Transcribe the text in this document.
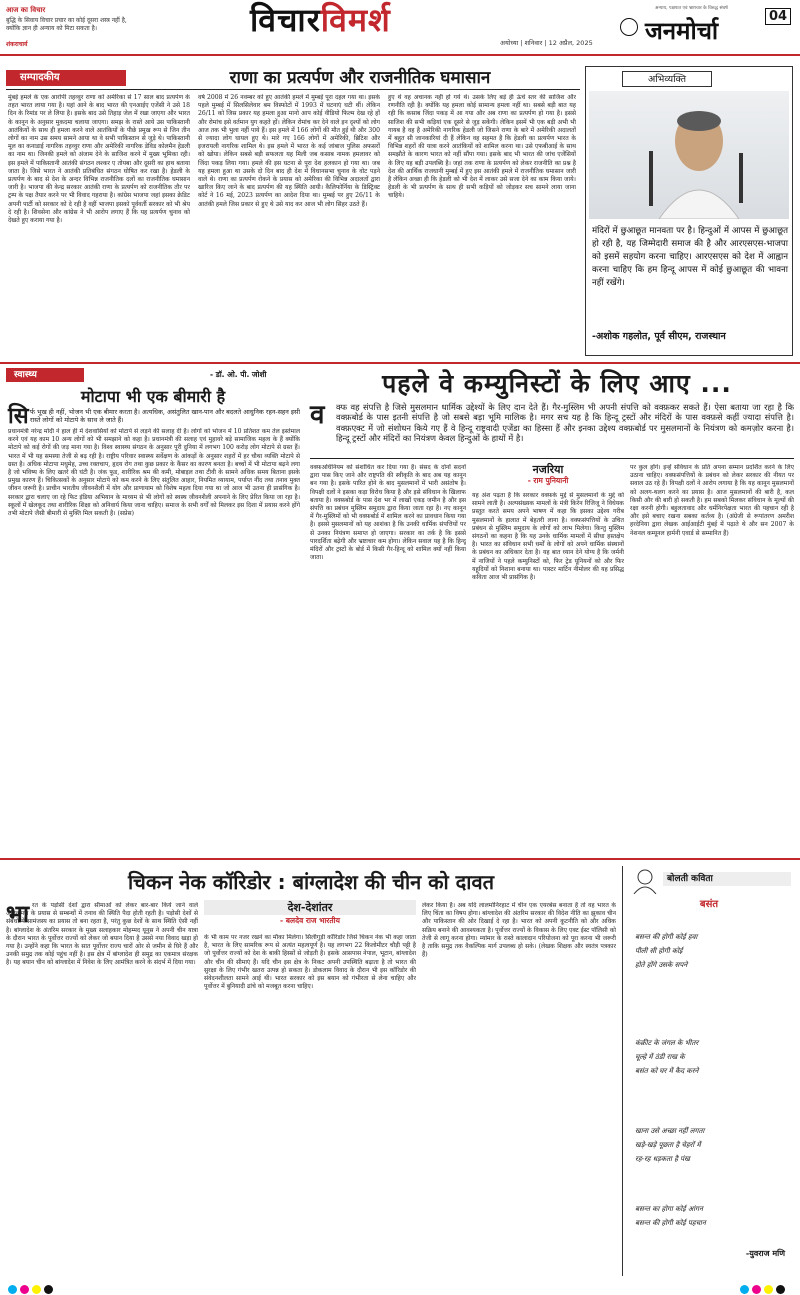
आज का विचार
बुद्धि के सिवाय विचार प्रचार का कोई दूसरा शस्त्र नहीं है, क्योंकि ज्ञान ही अन्याय को मिटा सकता है।
शंकराचार्य
विचारविमर्श
अयोध्या | शनिवार | 12 अप्रैल, 2025 जनमोर्चा
अन्याय, पक्षपात एवं भ्रष्टाचार के विरुद्ध संघर्ष
04
सम्पादकीय	राणा का प्रत्यर्पण और राजनीतिक घमासान
मुंबई हमले के एक आरोपी तहव्वुर राणा को अमेरिका से 17 साल बाद प्रत्यर्पण के तहत भारत लाया गया है। यहां आने के बाद भारत की एनआईए एजेंसी ने उसे 18 दिन के रिमांड पर ले लिया है। इसके बाद उसे तिहाड़ जेल में रखा जाएगा और भारत के कानून के अनुसार मुकदमा चलाया जाएगा। समझ के रास्ते आये उस पाकिस्तानी आतंकियों के साथ ही हमला करने वाले आतंकियों के पीछे प्रमुख रूप से जिन तीन लोगों का नाम उस समय सामने आया था वे सभी पाकिस्तान से जुड़े थे। पाकिस्तानी मूल का कनाडाई नागरिक तहव्वुर राणा और अमेरिकी नागरिक डेविड कोलमैन हेडली का नाम था। जिनकी हमले को अंजाम देने के साजिश करने में मुख्य भूमिका रही। इस हमले में पाकिस्तानी आतंकी संगठन लश्कर ए तोयबा और दूसरी का हाथ बताया जाता है। जिसे भारत ने आतंकी प्रतिबंधित संगठन घोषित कर रखा है। हेडली के प्रत्यर्पण के बाद से देश के अन्दर विभिन्न राजनीतिक दलों का राजनीतिक घमासान जारी है। भाजपा की केन्द्र सरकार आतंकी राणा के प्रत्यर्पण को राजनीतिक तौर पर ट्रम्प के पक्ष तैयार करने पर भी विवाद गहराया है। कांग्रेस भाजपा जहां इसका क्रेडिट अपनी पार्टी को सरकार को दे रही है वहीं भाजपा इसको पूर्ववर्ती सरकार को भी श्रेय दे रही है। शिवसेना और कांग्रेस ने भी आरोप लगाए हैं कि यह प्रत्यर्पण चुनाव को देखते हुए कराया गया है।
वर्ष 2008 में 26 नवम्बर को हुए आतंकी हमले में मुम्बई पूरा दहल गया था। इसके पहले मुम्बई में सिलसिलेवार बम विस्फोटों में 1993 में घटनाएं घटी थीं। लेकिन 26/11 को जिस प्रकार यह हमला हुआ मानो आप कोई वीडियो फिल्म देख रहे हों और रोमांच इसे वर्तमान युग कहते हों। लेकिन रोमांच कर देने वाले इन दृश्यों को लोग आज तक भी भुला नहीं पाये हैं। इस हमले में 166 लोगों की मौत हुई थी और 300 से ज्यादा लोग घायल हुए थे। मारे गए 166 लोगों में अमेरिकी, ब्रिटिश और इजरायली नागरिक शामिल थे। इस हमले में भारत के कई जांबाज पुलिस अफसरों को खोया। लेकिन सबसे बड़ी सफलता यह मिली जब कसाब नामक हमलावर को जिंदा पकड़ लिया गया। हमले की इस घटना से पूरा देश हलकान हो गया था। जब यह हमला हुआ था उसके दो दिन बाद ही देश में विधानसभा चुनाव के वोट पड़ने वाले थे। राणा का प्रत्यर्पण रोकने के प्रयास को अमेरिका की विभिन्न अदालतों द्वारा खारिज किए जाने के बाद प्रत्यर्पण की यह स्थिति आयी। कैलिफोर्निया के डिस्ट्रिक्ट कोर्ट ने 16 मई, 2023 प्रत्यर्पण का आदेश दिया था। मुम्बई पर हुए 26/11 के आतंकी हमले जिस प्रकार से हुए थे उसे याद कर आज भी लोग सिहर उठते हैं।
हुए थे वह अचानक नहीं हो गये थे। उसके लिए बड़े ही ऊंचे स्तर की साजिश और रणनीति रही है। क्योंकि यह हमला कोई सामान्य हमला नहीं था। सबसे बड़ी बात यह रही कि कसाब जिंदा पकड़ में आ गया और अब राणा का प्रत्यर्पण हो गया है। इससे साजिश की सभी कड़ियां एक दूसरे से जुड़ सकेंगी। लेकिन इसमें भी एक बड़ी अभी भी गायब है वह है अमेरिकी नागरिक हेडली जो जिसने राणा के बारे में अमेरिकी अदालतों में बहुत सी जानकारियां दी हैं लेकिन वह सहमत है कि हेडली का प्रत्यर्पण भारत के विभिन्न शहरों की यात्रा करने आतंकियों को शामिल करना था। उसे एफबीआई के साथ समझौते के कारण भारत को नहीं सौंपा गया। इसके बाद भी भारत की जांच एजेंसियों के लिए यह बड़ी उपलब्धि है। जहां तक राणा के प्रत्यर्पण को लेकर राजनीति का प्रश्न है देश की आर्थिक राजधानी मुम्बई में हुए इस आतंकी हमले में राजनीतिक घमासान जारी है लेकिन अच्छा ही कि हेडली को भी देश में लाकर उसे सजा देने का काम किया जाये। हेडली के भी प्रत्यर्पण के साथ ही सभी कड़ियों को जोड़कर सच सामने लाया जाना चाहिये।
अभिव्यक्ति
मंदिरों में छुआछूत मानवता पर है। हिन्दुओं में आपस में छुआछूत हो रही है, यह जिम्मेदारी समाज की है और आरएसएस-भाजपा को इसमें सहयोग करना चाहिए। आरएसएस को देश में आह्वान करना चाहिए कि हम हिन्दू आपस में कोई छुआछूत की भावना नहीं रखेंगे।
-अशोक गहलोत, पूर्व सीएम, राजस्थान
स्वास्थ्य	- डॉ. ओ. पी. जोशी
मोटापा भी एक बीमारी है
सि र्फ भूख ही नहीं, भोजन भी एक बीमार करता है। अत्यधिक, असंतुलित खान-पान और बदलते आधुनिक रहन-सहन इसी रास्ते लोगों को मोटापे के साथ ले जाते हैं।
प्रधानमंत्री नरेन्द्र मोदी ने हाल ही में देशवासियों को मोटापे से लड़ने की सलाह दी है। लोगों को भोजन में 10 प्रतिशत कम तेल इस्तेमाल करने एवं यह काम 10 अन्य लोगों को भी समझाने को कहा है। प्रधानमंत्री की सलाह एवं मुहावरे बड़े सामाजिक महत्व के हैं क्योंकि मोटापे को कई रोगों की जड़ माना गया है। विश्व स्वास्थ्य संगठन के अनुसार पूरी दुनिया में लगभग 100 करोड़ लोग मोटापे से ग्रस्त हैं। भारत में भी यह समस्या तेजी से बढ़ रही है। राष्ट्रीय परिवार स्वास्थ्य सर्वेक्षण के आंकड़ों के अनुसार शहरों में हर चौथा व्यक्ति मोटापे से ग्रस्त है। अधिक मोटापा मधुमेह, उच्च रक्तचाप, हृदय रोग तथा कुछ प्रकार के कैंसर का कारण बनता है। बच्चों में भी मोटापा बढ़ने लगा है जो भविष्य के लिए खतरे की घंटी है। जंक फूड, शारीरिक श्रम की कमी, मोबाइल तथा टीवी के सामने अधिक समय बिताना इसके प्रमुख कारण हैं। चिकित्सकों के अनुसार मोटापे को कम करने के लिए संतुलित आहार, नियमित व्यायाम, पर्याप्त नींद तथा तनाव मुक्त जीवन जरूरी है। प्राचीन भारतीय जीवनशैली में योग और प्राणायाम को विशेष महत्व दिया गया था जो आज भी उतना ही प्रासंगिक है। सरकार द्वारा चलाए जा रहे फिट इंडिया अभियान के माध्यम से भी लोगों को स्वस्थ जीवनशैली अपनाने के लिए प्रेरित किया जा रहा है। स्कूलों में खेलकूद तथा शारीरिक शिक्षा को अनिवार्य किया जाना चाहिए। समाज के सभी वर्गों को मिलकर इस दिशा में प्रयास करने होंगे तभी मोटापे जैसी बीमारी से मुक्ति मिल सकती है। (सप्रेस)
पहले वे कम्युनिस्टों के लिए आए ...
व क्फ वह संपत्ति है जिसे मुसलमान धार्मिक उद्देश्यों के लिए दान देते हैं। गैर-मुस्लिम भी अपनी संपत्ति को वक्फ़कर सकते हैं। ऐसा बताया जा रहा है कि वक्फ़बोर्ड के पास इतनी संपत्ति है जो सबसे बड़ा भूमि मालिक है। मगर सच यह है कि हिन्दू ट्रस्टों और मंदिरों के पास वक्फ़से कहीं ज्यादा संपत्ति है। वक्फ़एक्ट में जो संशोधन किये गए हैं वे हिन्दू राष्ट्रवादी एजेंडा का हिस्सा हैं और इनका उद्देश्य वक्फ़बोर्ड पर मुसलमानों के नियंत्रण को कमज़ोर करना है। हिन्दू ट्रस्टों और मंदिरों का नियंत्रण केवल हिन्दुओं के हाथों में है।
वक्फ़अधिनियम को संशोधित कर दिया गया है। संसद के दोनों सदनों द्वारा पास किए जाने और राष्ट्रपति की स्वीकृति के बाद अब यह कानून बन गया है। इसके पारित होने के बाद मुसलमानों में भारी असंतोष है। विपक्षी दलों ने इसका कड़ा विरोध किया है और इसे संविधान के खिलाफ बताया है। वक्फ़बोर्ड के पास देश भर में लाखों एकड़ जमीन है और इस संपत्ति का प्रबंधन मुस्लिम समुदाय द्वारा किया जाता रहा है। नए कानून में गैर-मुस्लिमों को भी वक्फ़बोर्ड में शामिल करने का प्रावधान किया गया है। इससे मुसलमानों को यह आशंका है कि उनकी धार्मिक संपत्तियों पर से उनका नियंत्रण समाप्त हो जाएगा। सरकार का तर्क है कि इससे पारदर्शिता बढ़ेगी और भ्रष्टाचार कम होगा। लेकिन सवाल यह है कि हिन्दू मंदिरों और ट्रस्टों के बोर्ड में किसी गैर-हिन्दू को शामिल क्यों नहीं किया जाता।
नजरिया
- राम पुनियानी
यह अंश पढ़ता है कि सरकार वक्फ़के मुद्दे से मुसलमानों के मुद्दे को सामने लाती है। अल्पसंख्यक मामलों के मंत्री किरेन रिजिजू ने विधेयक प्रस्तुत करते समय अपने भाषण में कहा कि इसका उद्देश्य गरीब मुसलमानों के हालात में बेहतरी लाना है। वक्फ़संपत्तियों के उचित प्रबंधन से मुस्लिम समुदाय के लोगों को लाभ मिलेगा। किन्तु मुस्लिम संगठनों का कहना है कि यह उनके धार्मिक मामलों में सीधा हस्तक्षेप है। भारत का संविधान सभी धर्मों के लोगों को अपने धार्मिक संस्थानों के प्रबंधन का अधिकार देता है। यह बात ध्यान देने योग्य है कि जर्मनी में नाजियों ने पहले कम्युनिस्टों को, फिर ट्रेड यूनियनों को और फिर यहूदियों को निशाना बनाया था। पास्टर मार्टिन नीमोलर की यह प्रसिद्ध कविता आज भी प्रासंगिक है।
पर कुल होंगे। इन्हें संविधान के प्रति अपना सम्मान प्रदर्शित करने के लिए उठाना चाहिए। वक्फ़संपत्तियों के प्रबंधन को लेकर सरकार की नीयत पर सवाल उठ रहे हैं। विपक्षी दलों ने आरोप लगाया है कि यह कानून मुसलमानों को अलग-थलग करने का प्रयास है। आज मुसलमानों की बारी है, कल किसी और की बारी हो सकती है। हम सबको मिलकर संविधान के मूल्यों की रक्षा करनी होगी। बहुलतावाद और धर्मनिरपेक्षता भारत की पहचान रही है और इसे बचाए रखना सबका कर्तव्य है। (अंग्रेजी से रूपांतरण अमरीश हरदेनिया द्वारा लेखक आईआईटी मुंबई में पढ़ाते थे और सन 2007 के नेशनल कम्यूनल हार्मनी एवार्ड से सम्मानित हैं)
चिकन नेक कॉरिडोर : बांग्लादेश की चीन को दावत
भा रत के पड़ोसी देशों द्वारा सीमाओं को लेकर बार-बार किये जाने वाले अतिक्रमण के प्रयास से सम्बन्धों में तनाव की स्थिति पैदा होती रहती है। पड़ोसी देशों से संबंधों में सामंजस्य का प्रयास तो बना रहता है, परंतु कुछ देशों के साथ स्थिति ऐसी नहीं है। बांग्लादेश के अंतरिम सरकार के मुख्य सलाहकार मोहम्मद यूनुस ने अपनी चीन यात्रा के दौरान भारत के पूर्वोत्तर राज्यों को लेकर जो बयान दिया है उससे नया विवाद खड़ा हो गया है। उन्होंने कहा कि भारत के सात पूर्वोत्तर राज्य चारों ओर से जमीन से घिरे हैं और उनकी समुद्र तक कोई पहुंच नहीं है। इस क्षेत्र में बांग्लादेश ही समुद्र का एकमात्र संरक्षक है। यह बयान चीन को बांग्लादेश में निवेश के लिए आमंत्रित करने के संदर्भ में दिया गया।
देश-देशांतर
- बलदेव राज भारतीय
के भी काम पर नजर रखने का मौका मिलेगा। सिलीगुड़ी कॉरिडोर जिसे चिकन नेक भी कहा जाता है, भारत के लिए सामरिक रूप से अत्यंत महत्वपूर्ण है। यह लगभग 22 किलोमीटर चौड़ी पट्टी है जो पूर्वोत्तर राज्यों को देश के बाकी हिस्सों से जोड़ती है। इसके आसपास नेपाल, भूटान, बांग्लादेश और चीन की सीमाएं हैं। यदि चीन इस क्षेत्र के निकट अपनी उपस्थिति बढ़ाता है तो भारत की सुरक्षा के लिए गंभीर खतरा उत्पन्न हो सकता है। डोकलाम विवाद के दौरान भी इस कॉरिडोर की संवेदनशीलता सामने आई थी। भारत सरकार को इस बयान को गंभीरता से लेना चाहिए और पूर्वोत्तर में बुनियादी ढांचे को मजबूत करना चाहिए।
लेकर किया है। अब यदि लालमोनिरहाट में चीन एक एयरबेस बनाता है तो वह भारत के लिए चिंता का विषय होगा। बांग्लादेश की अंतरिम सरकार की विदेश नीति का झुकाव चीन और पाकिस्तान की ओर दिखाई दे रहा है। भारत को अपनी कूटनीति को और अधिक सक्रिय बनाने की आवश्यकता है। पूर्वोत्तर राज्यों के विकास के लिए एक्ट ईस्ट पॉलिसी को तेजी से लागू करना होगा। म्यांमार के रास्ते कालादान परियोजना को पूरा करना भी जरूरी है ताकि समुद्र तक वैकल्पिक मार्ग उपलब्ध हो सके। (लेखक शिक्षक और स्वतंत्र पत्रकार हैं)
बोलती कविता
बसंत
बसन्त की होगी कोई हवा
पीली सी होगी कोई
होते होंगे उसके सपने
कंक्रीट के जंगल के भीतर
चूल्हे में ठंडी राख के
बसंत को घर में कैद करने
खाना उसे अच्छा नहीं लगता
खड़े-खड़े पूछता है चेहरों में
रह-रह धड़कता है पंख
बसन्त का होगा कोई आंगन
बसन्त की होगी कोई पहचान
-युवराज मणि
